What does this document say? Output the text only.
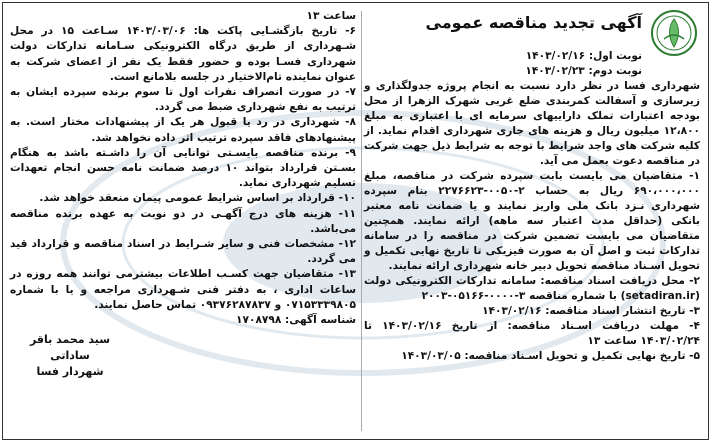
آگهی تجدید مناقصه عمومی
نوبت اول: ۱۴۰۳/۰۲/۱۶
نوبت دوم: ۱۴۰۳/۰۲/۲۳

شهرداری فسا در نظر دارد نسبت به انجام پروژه جدولگذاری و زیرسازی و آسفالت کمربندی ضلع غربی شهرک الزهرا از محل بودجه اعتبارات تملک داراییهای سرمایه ای با اعتباری به مبلغ ۱۲،۸۰۰ میلیون ریال و هزینه های جاری شهرداری اقدام نماید. از کلیه شرکت های واجد شرایط با توجه به شرایط ذیل جهت شرکت در مناقصه دعوت بعمل می آید.

۱- متقاضیان می بایست بابت سپرده شرکت در مناقصه، مبلغ ۶۹۰،۰۰۰،۰۰۰ ریال به حساب ۲-۰۰۵۰-۲۲۷۶۶۲۳ بنام سپرده شهرداری نـزد بانک ملی واریز نمایند و یا ضمانت نامه معتبر بانکی (حداقل مدت اعتبار سه ماهه) ارائه نمایند. همچنین متقاضیان می بایست تضمین شرکت در مناقصه را در سامانه تدارکات ثبت و اصل آن به صورت فیزیکی تا تاریخ نهایی تکمیل و تحویل اسـناد مناقصه تحویل دبیر خانه شهرداری ارائه نمایند.

۲- محل دریافت اسناد مناقصه: سامانه تدارکات الکترونیکی دولت (setadiran.ir) با شماره مناقصه ۳-۰۰۰۰-۰۵۱۶۶-۲۰۰۳

۳- تاریخ انتشار اسناد مناقصه: ۱۴۰۳/۰۲/۱۶

۴- مهلت دریافت اسـناد مناقصه: از تاریخ ۱۴۰۳/۰۲/۱۶ تا ۱۴۰۳/۰۲/۲۴ ساعت ۱۳

۵- تاریخ نهایی تکمیل و تحویل اسـناد مناقصه: ۱۴۰۳/۰۳/۰۵

ساعت ۱۳

۶- تاریخ بازگشـایی پاکت ها: ۱۴۰۳/۰۳/۰۶ سـاعت ۱۵ در محل شـهرداری از طریق درگاه الکترونیکی سـامانه تدارکات دولت شهرداری فسـا بوده و حضور فقط یک نفر از اعضای شرکت به عنوان نماینده تام‌الاختیار در جلسه بلامانع است.

۷- در صورت انصراف نفرات اول تا سوم برنده سپرده ایشان به ترتیب به نفع شهرداری ضبط می گردد.

۸- شهرداری در رد یا قبول هر یک از پیشنهادات مختار است. به پیشنهادهای فاقد سپرده ترتیب اثر داده نخواهد شد.

۹- برنده مناقصه بایسـتی توانایی آن را داشـته باشد به هنگام بسـتن قرارداد بتواند ۱۰ درصد ضمانت نامه حسن انجام تعهدات تسلیم شهرداری نماید.

۱۰- قرارداد بر اساس شرایط عمومی پیمان منعقد خواهد شد.

۱۱- هزینه های درج آگهـی در دو نوبت به عهده برنده مناقصه می‌باشد.

۱۲- مشخصات فنی و سایر شـرایط در اسناد مناقصه و قرارداد قید می گردد.

۱۳- متقاضیان جهت کسـب اطلاعات بیشترمی توانند همه روزه در ساعات اداری ، به دفتر فنی شـهرداری مراجعه و یا با شماره ۰۷۱۵۳۳۳۹۸۰۵ و ۰۹۳۷۶۲۸۷۸۳۷ تماس حاصل نمایند.

شناسه آگهی: ۱۷۰۸۷۹۸

سید محمد باقر ساداتی
شهردار فسا
